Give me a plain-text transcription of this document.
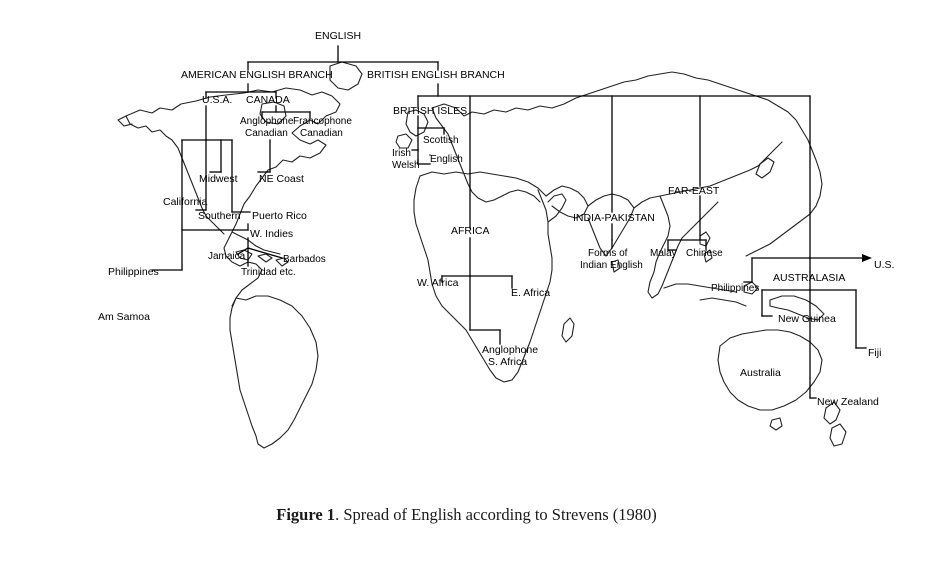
ENGLISH
AMERICAN ENGLISH BRANCH	BRITISH ENGLISH BRANCH
U.S.A. CANADA
Anglophone
Canadian
Francophone
Canadian
Midwest NE Coast
California
Southern Puerto Rico
W. Indies
Jamaica	Barbados
Trinidad etc.
Philippines
Am Samoa
BRITISH ISLES
Scottish
Irish
Welsh
English
AFRICA
W. Africa
E. Africa
Anglophone
S. Africa
INDIA-PAKISTAN
Forms of
Indian English
FAR-EAST
Malay Chinese
Philippines
AUSTRALASIA
U.S.
New Guinea
Australia
Fiji
New Zealand
Figure 1. Spread of English according to Strevens (1980)
